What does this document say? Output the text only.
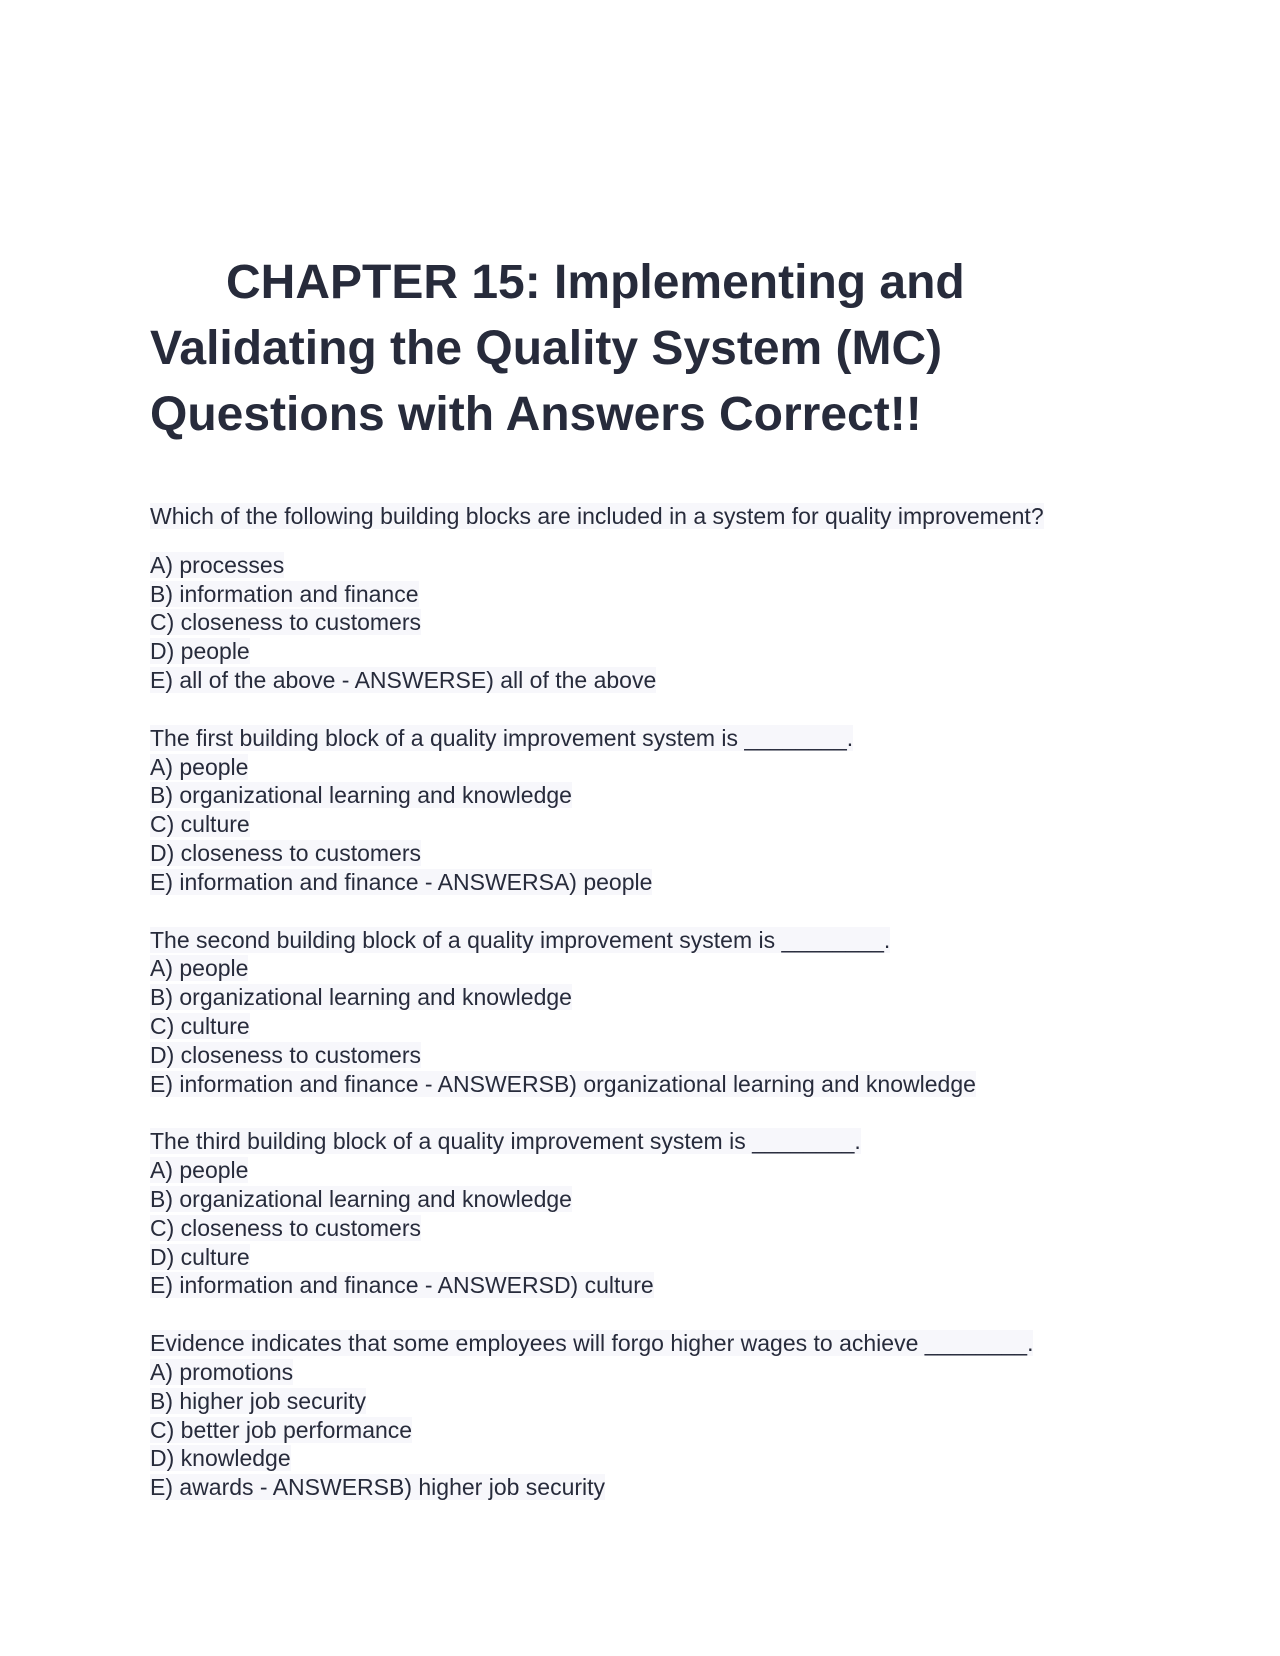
CHAPTER 15: Implementing and Validating the Quality System (MC) Questions with Answers Correct!!
Which of the following building blocks are included in a system for quality improvement?
A) processes
B) information and finance
C) closeness to customers
D) people
E) all of the above - ANSWERSE) all of the above
The first building block of a quality improvement system is ________.
A) people
B) organizational learning and knowledge
C) culture
D) closeness to customers
E) information and finance - ANSWERSA) people
The second building block of a quality improvement system is ________.
A) people
B) organizational learning and knowledge
C) culture
D) closeness to customers
E) information and finance - ANSWERSB) organizational learning and knowledge
The third building block of a quality improvement system is ________.
A) people
B) organizational learning and knowledge
C) closeness to customers
D) culture
E) information and finance - ANSWERSD) culture
Evidence indicates that some employees will forgo higher wages to achieve ________.
A) promotions
B) higher job security
C) better job performance
D) knowledge
E) awards - ANSWERSB) higher job security
